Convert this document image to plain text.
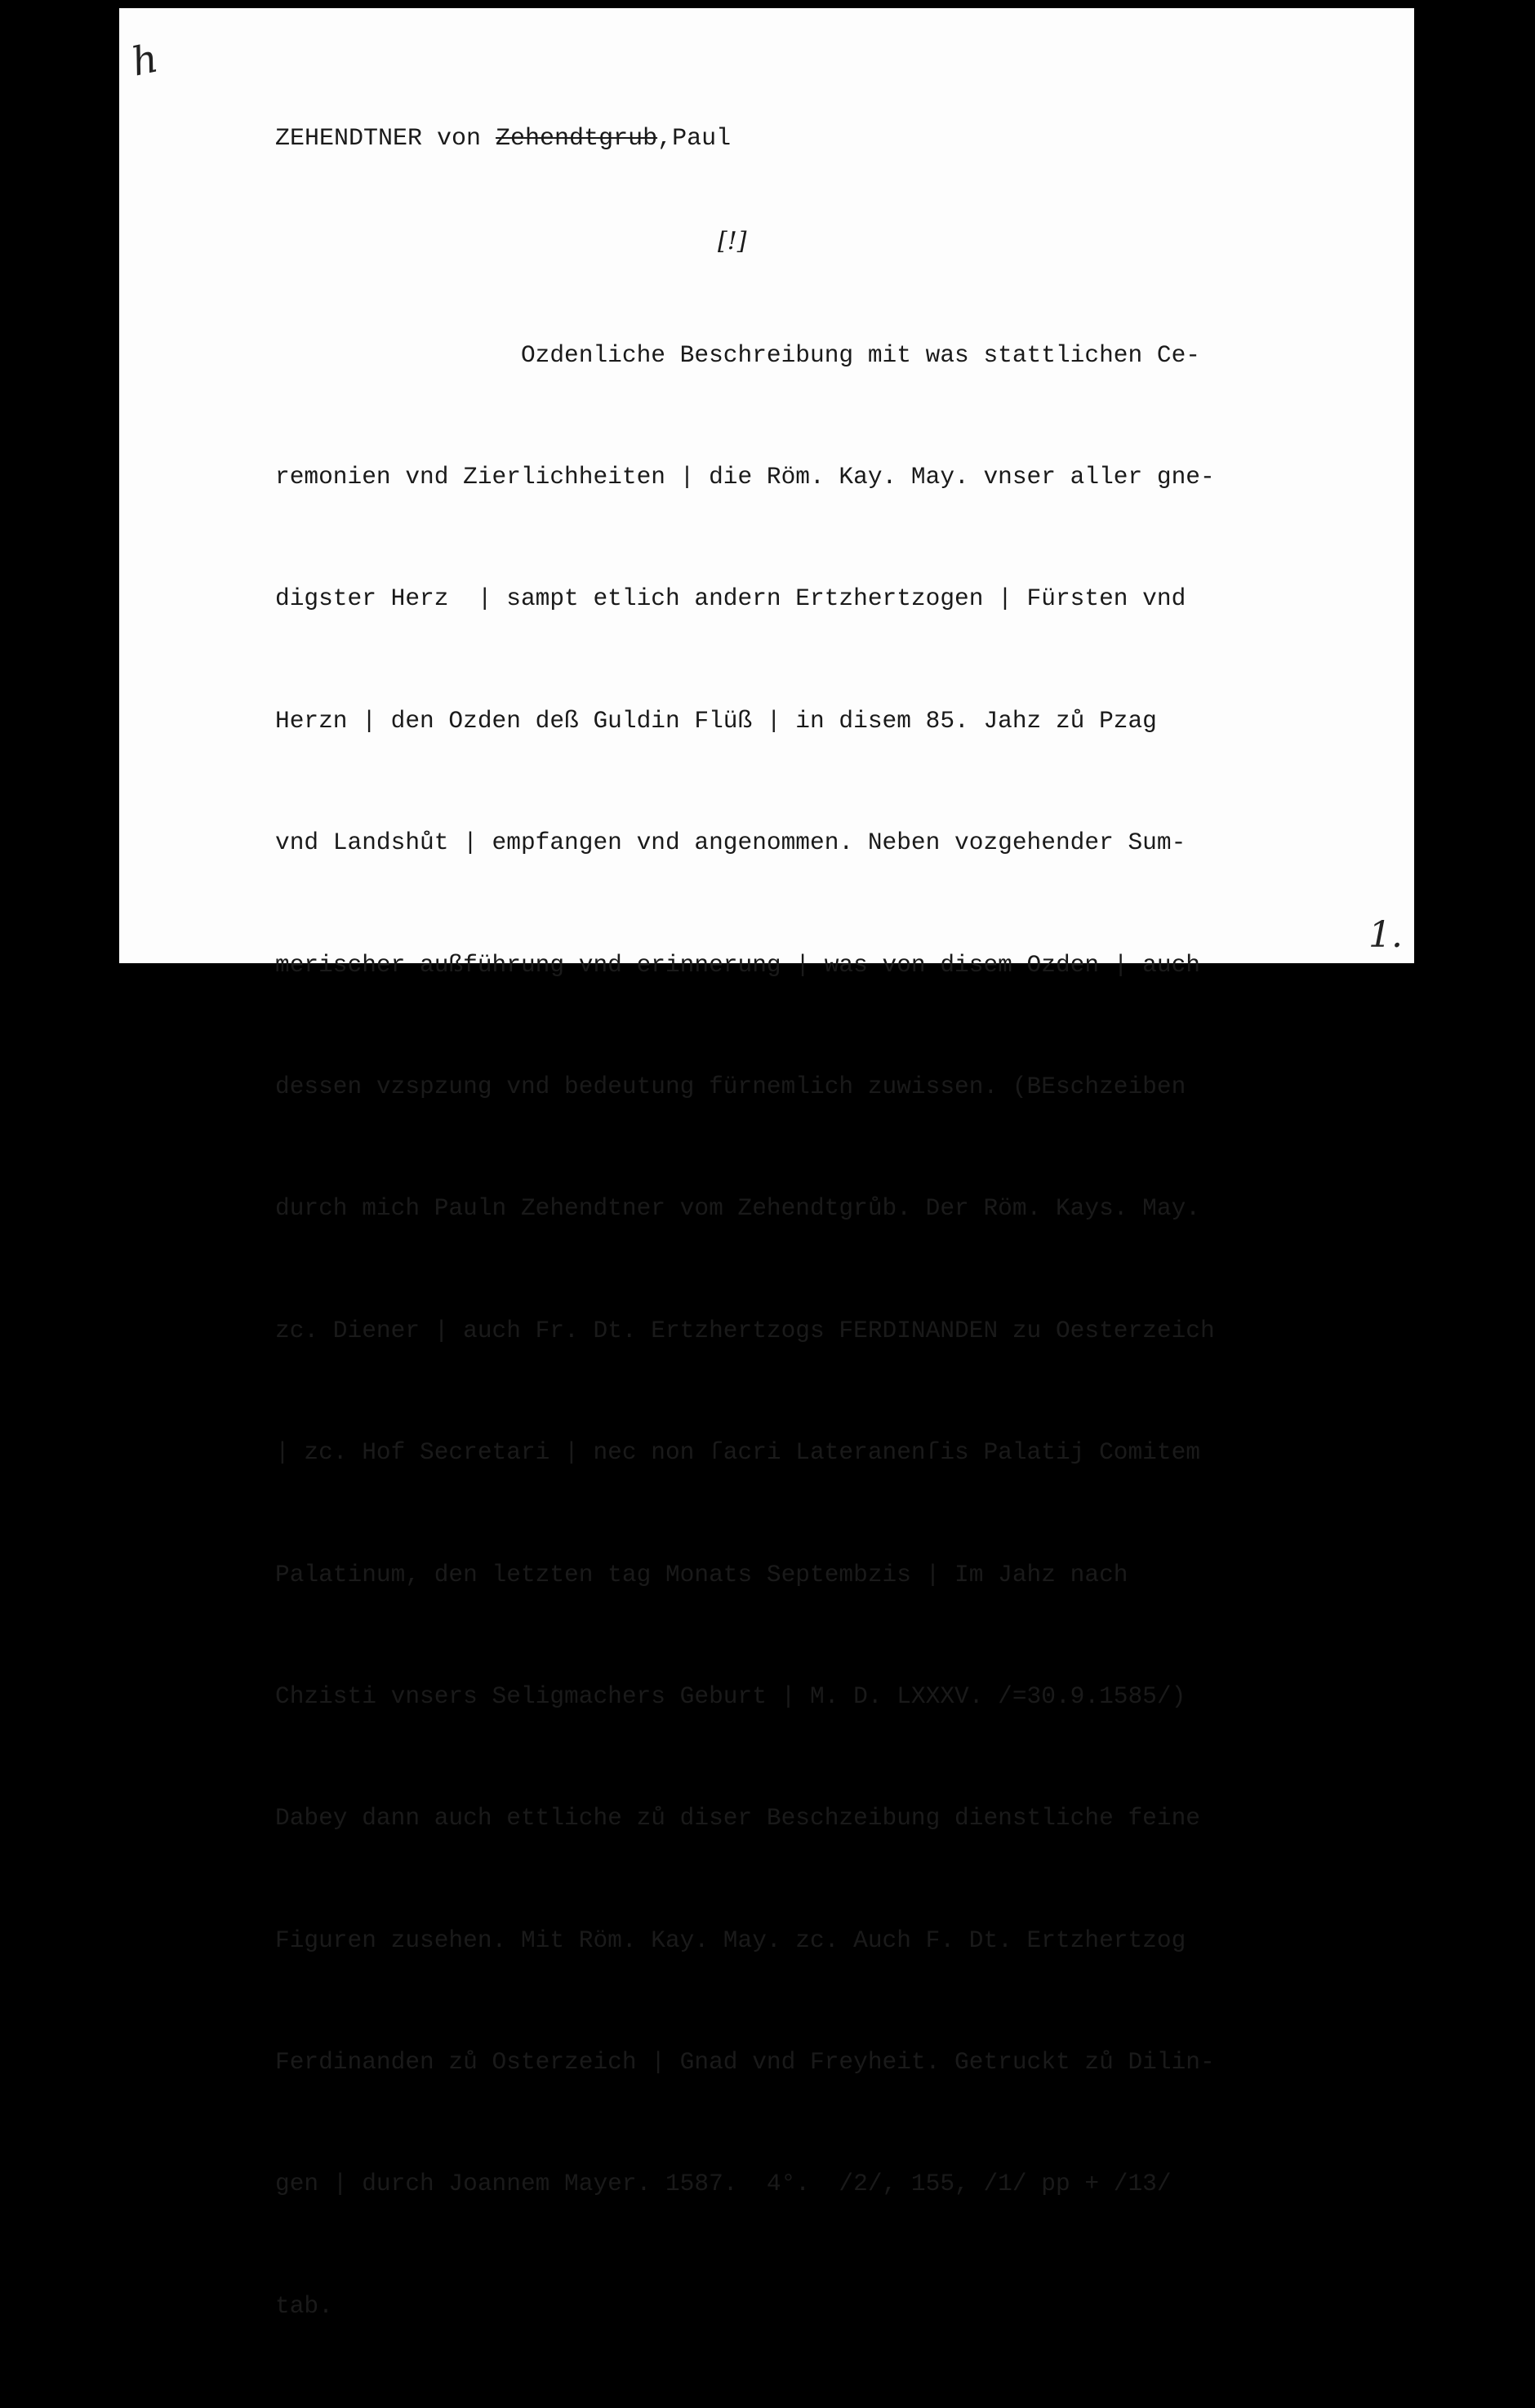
h
ZEHENDTNER von Zehendtgrub,Paul
[!]

Ozdenliche Beschreibung mit was stattlichen Ce-

remonien vnd Zierlichheiten | die Röm. Kay. May. vnser aller gne-

digster Herz  | sampt etlich andern Ertzhertzogen | Fürsten vnd

Herzn | den Ozden deß Guldin Flüß | in disem 85. Jahz zů Pzag

vnd Landshůt | empfangen vnd angenommen. Neben vozgehender Sum-

merischer außführung vnd erinnerung | was von disem Ozden | auch

dessen vzspzung vnd bedeutung fürnemlich zuwissen. (BEschzeiben

durch mich Pauln Zehendtner vom Zehendtgrůb. Der Röm. Kays. May.

zc. Diener | auch Fr. Dt. Ertzhertzogs FERDINANDEN zu Oesterzeich

| zc. Hof Secretari | nec non ſacri Lateranenſis Palatij Comitem

Palatinum, den letzten tag Monats Septembzis | Im Jahz nach

Chzisti vnsers Seligmachers Geburt | M. D. LXXXV. /=30.9.1585/)

Dabey dann auch ettliche zů diser Beschzeibung dienstliche feine

Figuren zusehen. Mit Röm. Kay. May. zc. Auch F. Dt. Ertzhertzog

Ferdinanden zů Osterzeich | Gnad vnd Freyheit. Getruckt zů Dilin-

gen | durch Joannem Mayer. 1587.  4°.  /2/, 155, /1/ pp + /13/

tab.

1.
